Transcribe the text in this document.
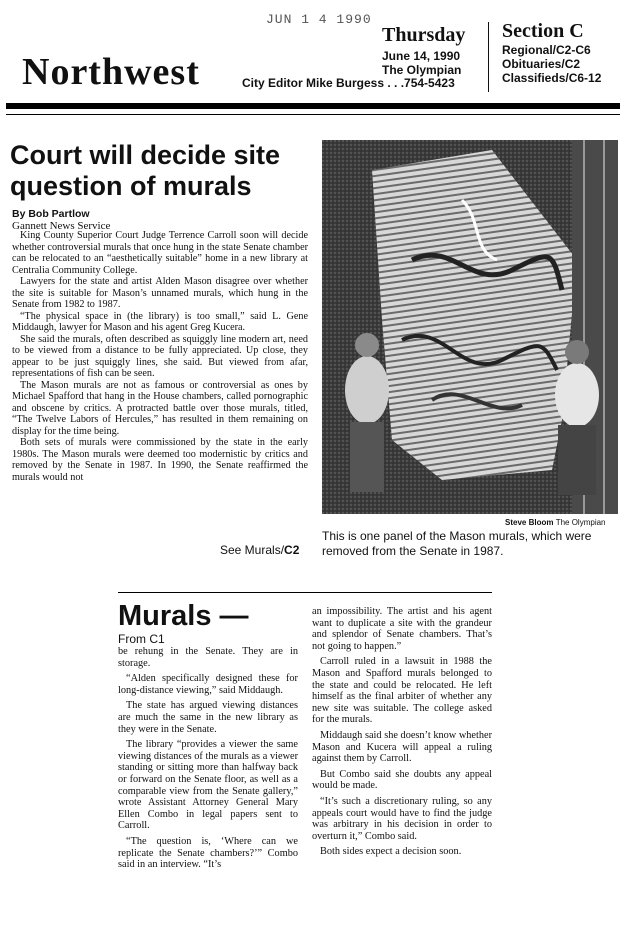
JUN 1 4 1990
Northwest
Thursday
June 14, 1990
The Olympian
City Editor Mike Burgess . . .754-5423
Section C
Regional/C2-C6
Obituaries/C2
Classifieds/C6-12
Court will decide site question of murals
By Bob Partlow
Gannett News Service

King County Superior Court Judge Terrence Carroll soon will decide whether controversial murals that once hung in the state Senate chamber can be relocated to an “aesthetically suitable” home in a new library at Centralia Community College.

Lawyers for the state and artist Alden Mason disagree over whether the site is suitable for Mason’s unnamed murals, which hung in the Senate from 1982 to 1987.

“The physical space in (the library) is too small,” said L. Gene Middaugh, lawyer for Mason and his agent Greg Kucera.

She said the murals, often described as squiggly line modern art, need to be viewed from a distance to be fully appreciated. Up close, they appear to be just squiggly lines, she said. But viewed from afar, representations of fish can be seen.

The Mason murals are not as famous or controversial as ones by Michael Spafford that hang in the House chambers, called pornographic and obscene by critics. A protracted battle over those murals, titled, “The Twelve Labors of Hercules,” has resulted in them remaining on display for the time being.

Both sets of murals were commissioned by the state in the early 1980s. The Mason murals were deemed too modernistic by critics and removed by the Senate in 1987. In 1990, the Senate reaffirmed the murals would not

See Murals/C2
Steve Bloom The Olympian
This is one panel of the Mason murals, which were removed from the Senate in 1987.
Murals —
From C1

be rehung in the Senate. They are in storage.

“Alden specifically designed these for long-distance viewing,” said Middaugh.

The state has argued viewing distances are much the same in the new library as they were in the Senate.

The library “provides a viewer the same viewing distances of the murals as a viewer standing or sitting more than halfway back or forward on the Senate floor, as well as a comparable view from the Senate gallery,” wrote Assistant Attorney General Mary Ellen Combo in legal papers sent to Carroll.

“The question is, ‘Where can we replicate the Senate chambers?’” Combo said in an interview. “It’s

an impossibility. The artist and his agent want to duplicate a site with the grandeur and splendor of Senate chambers. That’s not going to happen.”

Carroll ruled in a lawsuit in 1988 the Mason and Spafford murals belonged to the state and could be relocated. He left himself as the final arbiter of whether any new site was suitable. The college asked for the murals.

Middaugh said she doesn’t know whether Mason and Kucera will appeal a ruling against them by Carroll.

But Combo said she doubts any appeal would be made.

“It’s such a discretionary ruling, so any appeals court would have to find the judge was arbitrary in his decision in order to overturn it,” Combo said.

Both sides expect a decision soon.
